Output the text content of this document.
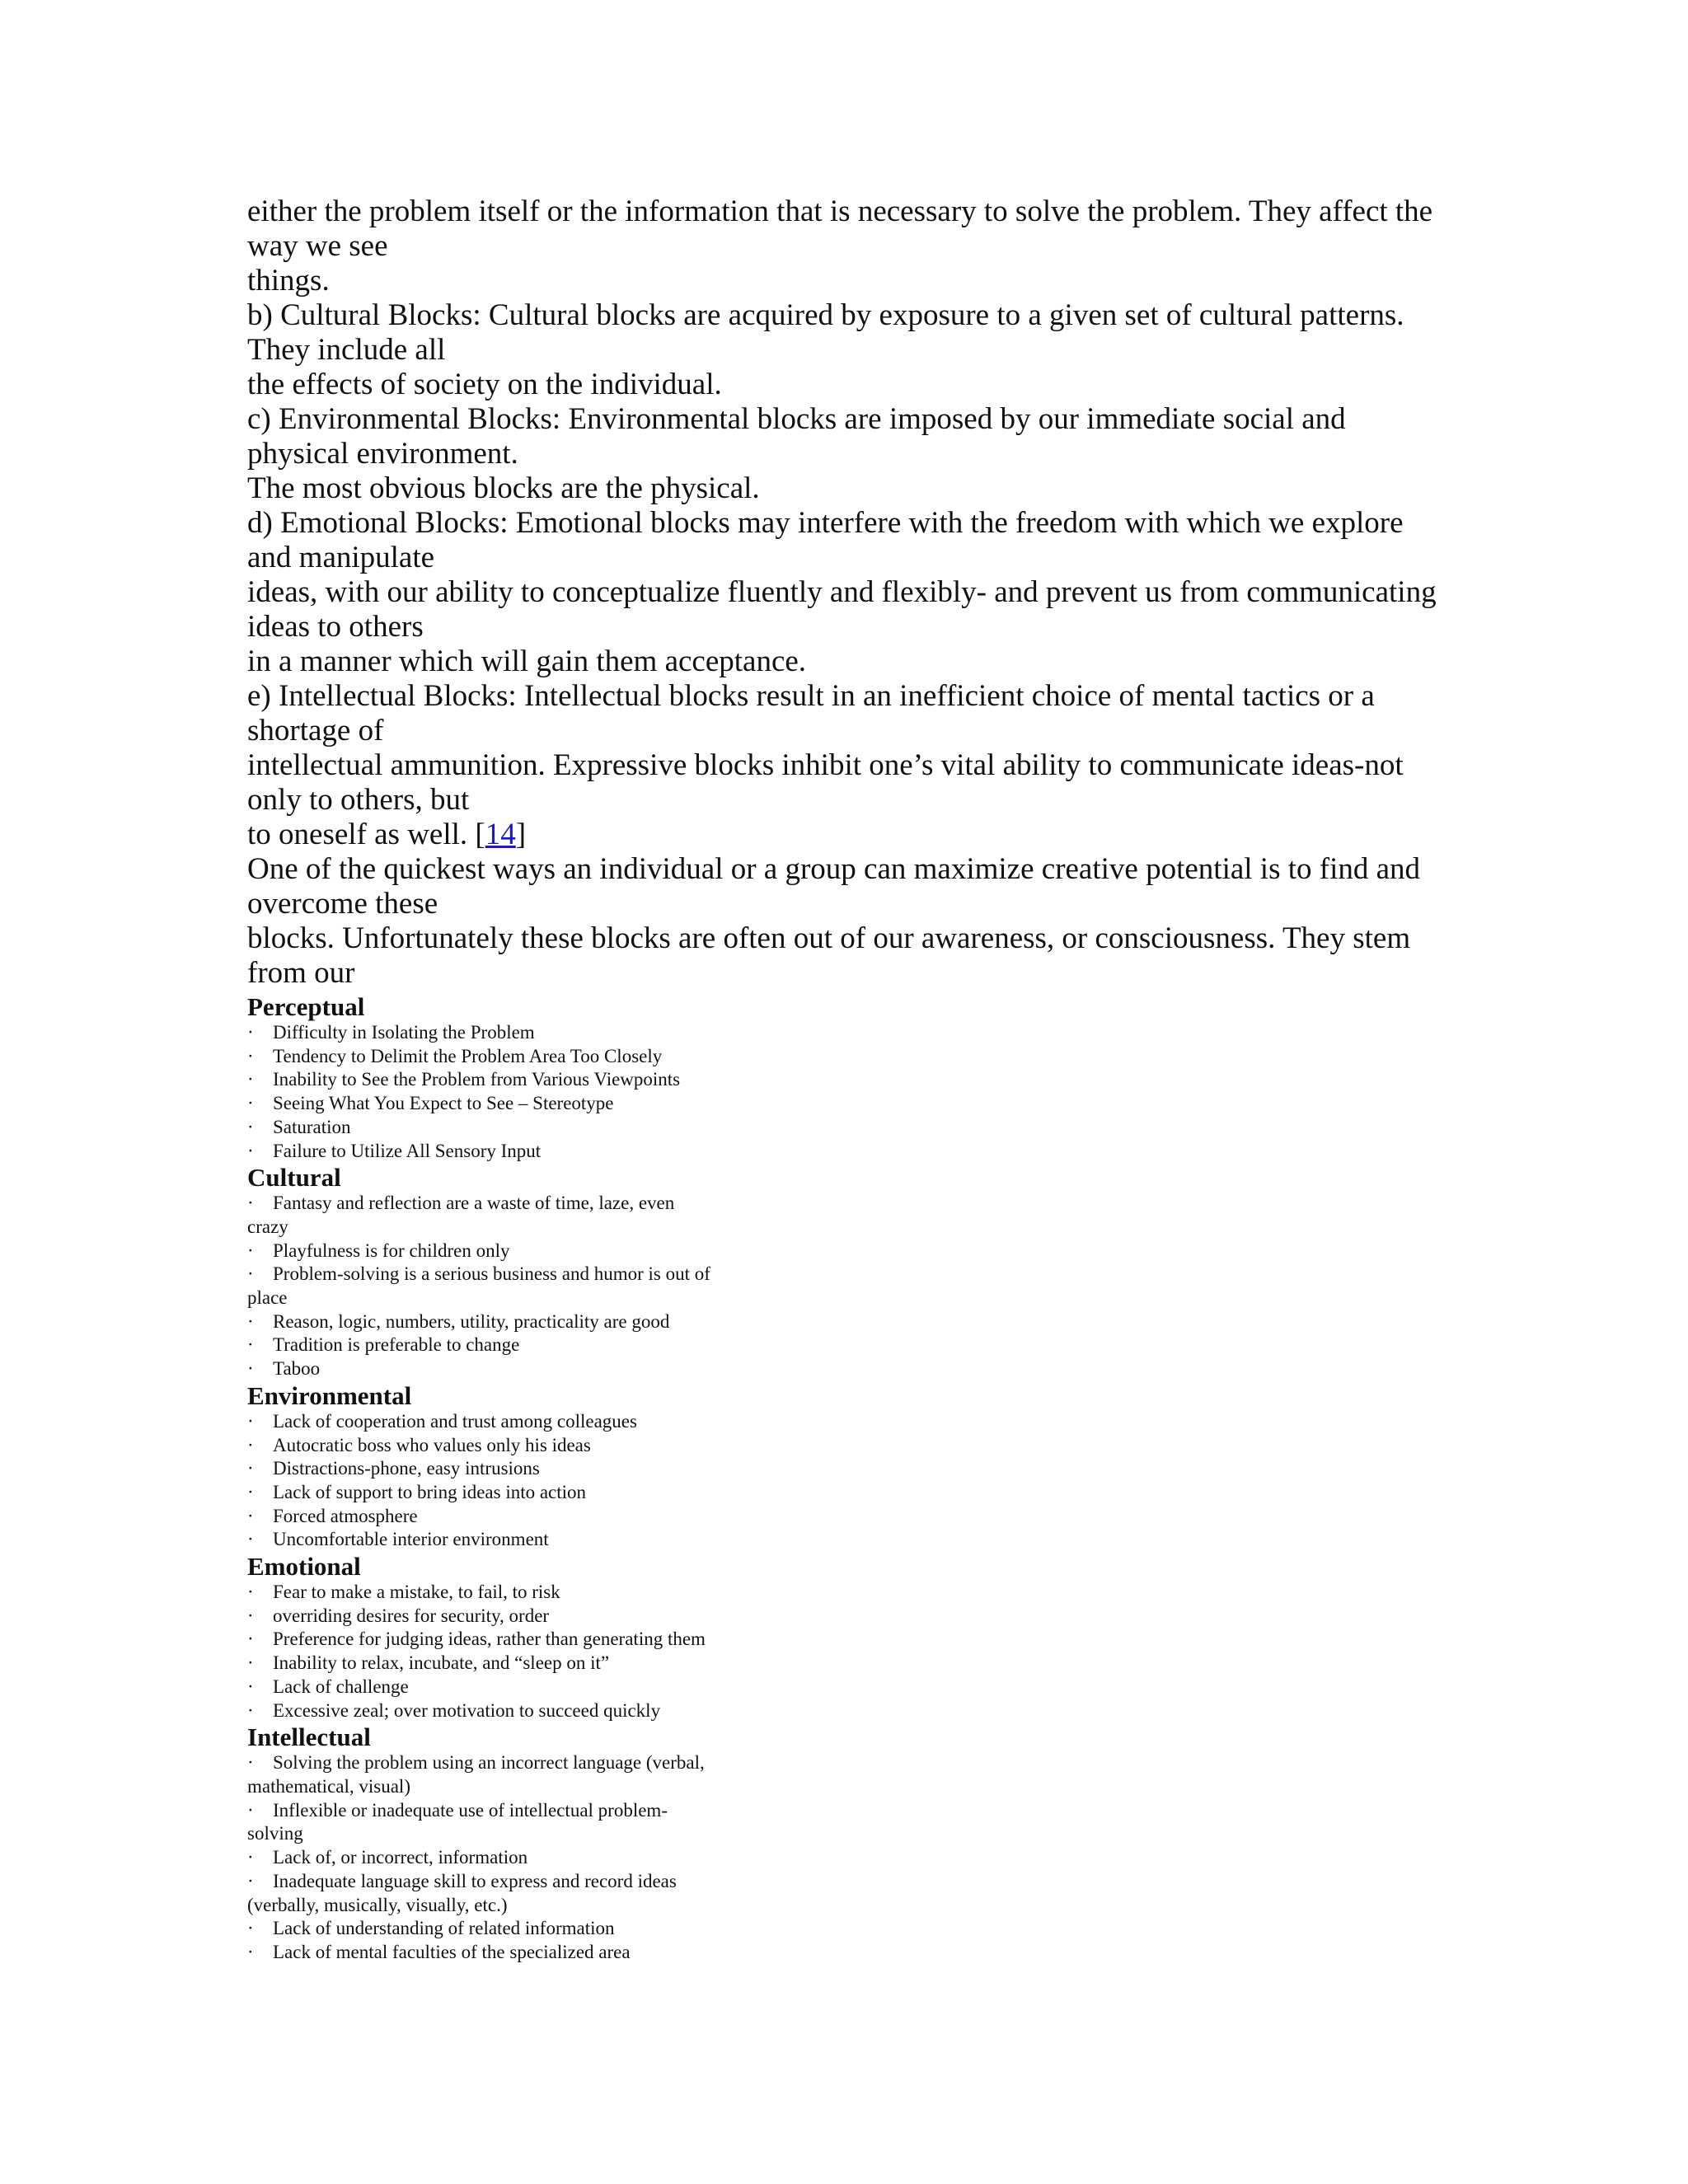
either the problem itself or the information that is necessary to solve the problem. They affect the

way we see

things.

b) Cultural Blocks: Cultural blocks are acquired by exposure to a given set of cultural patterns.

They include all

the effects of society on the individual.

c) Environmental Blocks: Environmental blocks are imposed by our immediate social and

physical environment.

The most obvious blocks are the physical.

d) Emotional Blocks: Emotional blocks may interfere with the freedom with which we explore

and manipulate

ideas, with our ability to conceptualize fluently and flexibly- and prevent us from communicating

ideas to others

in a manner which will gain them acceptance.

e) Intellectual Blocks: Intellectual blocks result in an inefficient choice of mental tactics or a

shortage of

intellectual ammunition. Expressive blocks inhibit one’s vital ability to communicate ideas-not

only to others, but

to oneself as well. [14]

One of the quickest ways an individual or a group can maximize creative potential is to find and

overcome these

blocks. Unfortunately these blocks are often out of our awareness, or consciousness. They stem

from our

Perceptual

· Difficulty in Isolating the Problem

· Tendency to Delimit the Problem Area Too Closely

· Inability to See the Problem from Various Viewpoints

· Seeing What You Expect to See – Stereotype

· Saturation

· Failure to Utilize All Sensory Input

Cultural

· Fantasy and reflection are a waste of time, laze, even

crazy

· Playfulness is for children only

· Problem-solving is a serious business and humor is out of

place

· Reason, logic, numbers, utility, practicality are good

· Tradition is preferable to change

· Taboo

Environmental

· Lack of cooperation and trust among colleagues

· Autocratic boss who values only his ideas

· Distractions-phone, easy intrusions

· Lack of support to bring ideas into action

· Forced atmosphere

· Uncomfortable interior environment

Emotional

· Fear to make a mistake, to fail, to risk

· overriding desires for security, order

· Preference for judging ideas, rather than generating them

· Inability to relax, incubate, and “sleep on it”

· Lack of challenge

· Excessive zeal; over motivation to succeed quickly

Intellectual

· Solving the problem using an incorrect language (verbal,

mathematical, visual)

· Inflexible or inadequate use of intellectual problem-

solving

· Lack of, or incorrect, information

· Inadequate language skill to express and record ideas

(verbally, musically, visually, etc.)

· Lack of understanding of related information

· Lack of mental faculties of the specialized area
